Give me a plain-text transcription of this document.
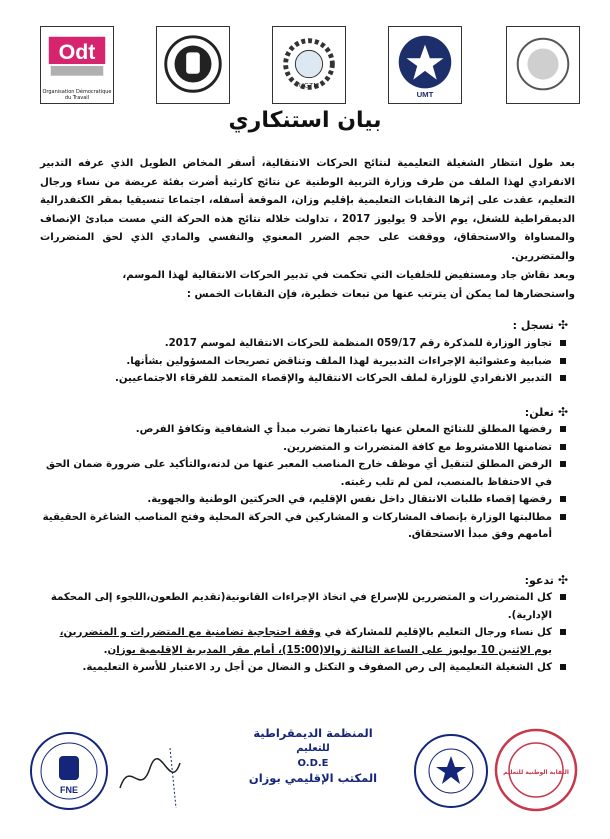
Odt
Organisation Démocratique du Travail
UGTM
UMT
بيان استنكاري
بعد طول انتظار الشغيلة التعليمية لنتائج الحركات الانتقالية، أسفر المخاض الطويل الذي عرفه التدبير الانفرادي لهذا الملف من طرف وزارة التربية الوطنية عن نتائج كارثية أضرت بفئة عريضة من نساء ورجال التعليم، عقدت على إثرها النقابات التعليمية بإقليم وزان، الموقعة أسفله، اجتماعا تنسيقيا بمقر الكنفدرالية الديمقراطية للشغل، يوم الأحد 9 يوليوز 2017 ، تداولت خلاله نتائج هذه الحركة التي مست مبادئ الإنصاف والمساواة والاستحقاق، ووقفت على حجم الضرر المعنوي والنفسي والمادي الذي لحق المتضررات والمتضررين.
وبعد نقاش جاد ومستفيض للخلفيات التي تحكمت في تدبير الحركات الانتقالية لهذا الموسم،
واستحضارها لما يمكن أن يترتب عنها من تبعات خطيرة، فإن النقابات الخمس :
✣تسجل :
تجاوز الوزارة للمذكرة رقم 059/17 المنظمة للحركات الانتقالية لموسم 2017.
ضبابية وعشوائية الإجراءات التدبيرية لهذا الملف وتناقض تصريحات المسؤولين بشأنها.
التدبير الانفرادي للوزارة لملف الحركات الانتقالية والإقصاء المتعمد للفرقاء الاجتماعيين.
✣تعلن:
رفضها المطلق للنتائج المعلن عنها باعتبارها تضرب مبدأ ي الشفافية وتكافؤ الفرص.
تضامنها اللامشروط مع كافة المتضررات و المتضررين.
الرفض المطلق لتنقيل أي موظف خارج المناصب المعبر عنها من لدنه،والتأكيد على ضرورة ضمان الحق في الاحتفاظ بالمنصب، لمن لم تلب رغبته.
رفضها إقصاء طلبات الانتقال داخل نفس الإقليم، في الحركتين الوطنية والجهوية.
مطالبتها الوزارة بإنصاف المشاركات و المشاركين في الحركة المحلية وفتح المناصب الشاغرة الحقيقية أمامهم وفق مبدأ الاستحقاق.
✣تدعو:
كل المتضررات و المتضررين للإسراع في اتخاذ الإجراءات القانونية(تقديم الطعون،اللجوء إلى المحكمة الإدارية).
كل نساء ورجال التعليم بالإقليم للمشاركة في وقفة احتجاجية تضامنية مع المتضررات و المتضررين، يوم الإثنين 10 يوليوز على الساعة الثالثة زوالا(15:00)، أمام مقر المديرية الإقليمية بوزان.
كل الشغيلة التعليمية إلى رص الصفوف و التكتل و النضال من أجل رد الاعتبار للأسرة التعليمية.
FNE
المنظمة الديمقراطية
للتعليم
O.D.E
المكتب الإقليمي بوزان	النقابة الوطنية للتعليم
